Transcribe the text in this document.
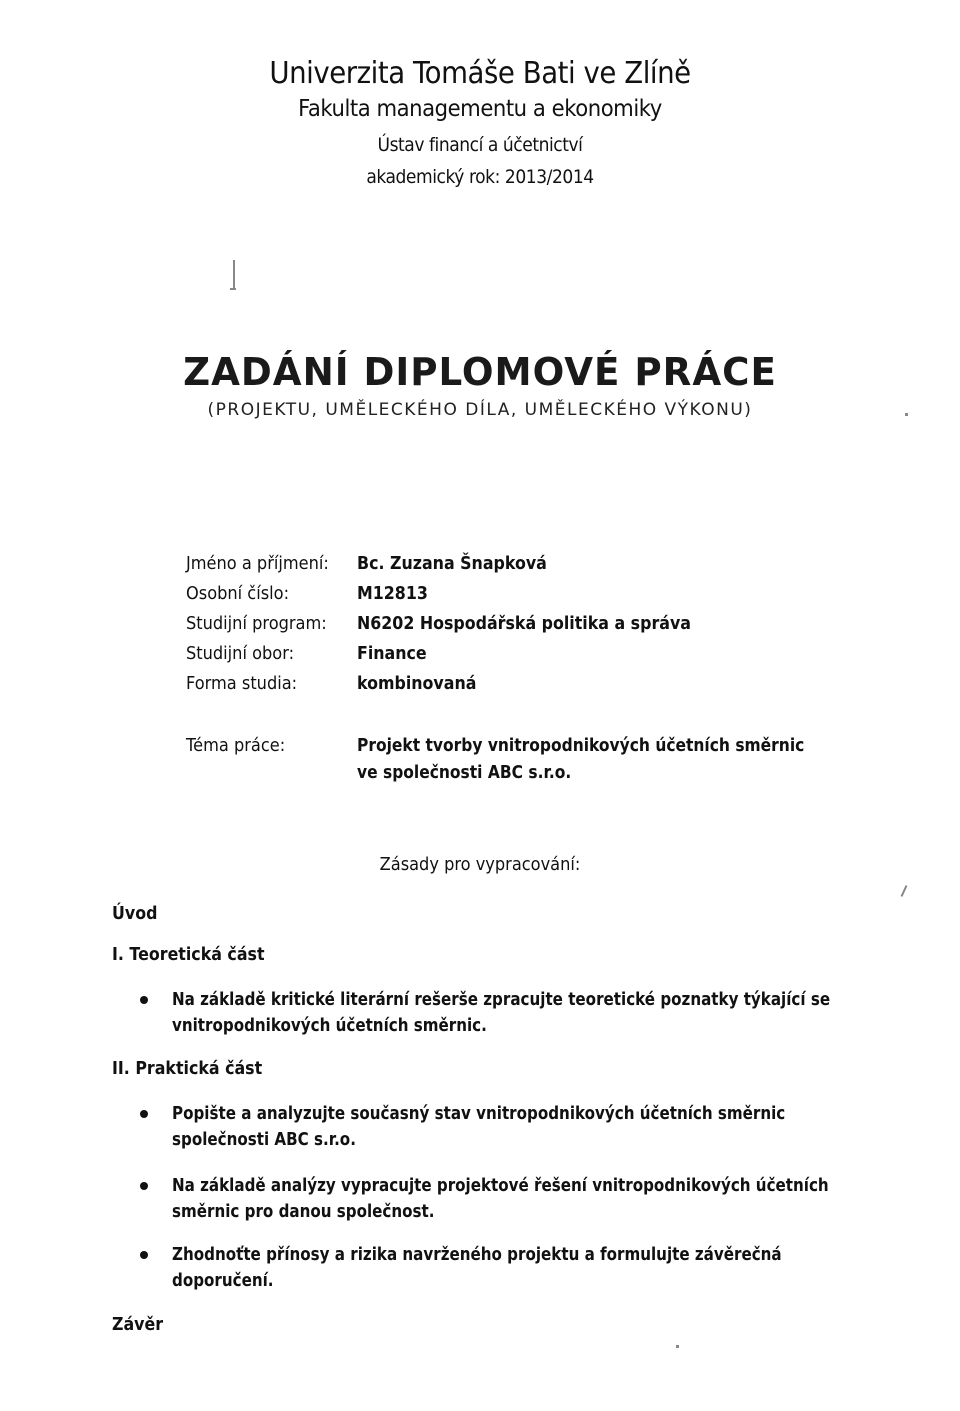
Univerzita Tomáše Bati ve Zlíně
Fakulta managementu a ekonomiky
Ústav financí a účetnictví
akademický rok: 2013/2014
ZADÁNÍ DIPLOMOVÉ PRÁCE
(PROJEKTU, UMĚLECKÉHO DÍLA, UMĚLECKÉHO VÝKONU)
Jméno a příjmení: Bc. Zuzana Šnapková
Osobní číslo:	M12813
Studijní program: N6202 Hospodářská politika a správa
Studijní obor:	Finance
Forma studia:	kombinovaná
Téma práce:	Projekt tvorby vnitropodnikových účetních směrnic
ve společnosti ABC s.r.o.
Zásady pro vypracování:
Úvod
I. Teoretická část
Na základě kritické literární rešerše zpracujte teoretické poznatky týkající se
vnitropodnikových účetních směrnic.
II. Praktická část
Popište a analyzujte současný stav vnitropodnikových účetních směrnic
společnosti ABC s.r.o.
Na základě analýzy vypracujte projektové řešení vnitropodnikových účetních
směrnic pro danou společnost.
Zhodnoťte přínosy a rizika navrženého projektu a formulujte závěrečná
doporučení.
Závěr
